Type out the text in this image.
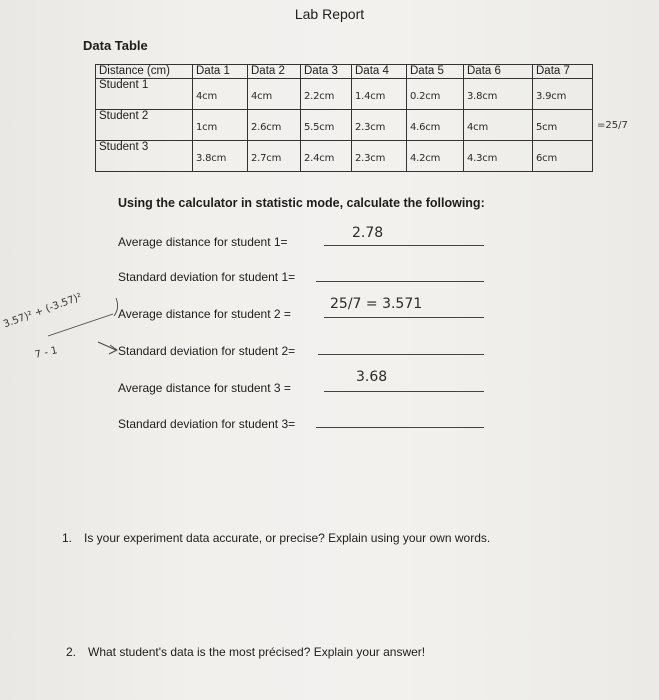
Lab Report
Data Table
Distance (cm)	Data 1	Data 2	Data 3	Data 4	Data 5	Data 6	Data 7
Student 1	4cm	4cm	2.2cm	1.4cm	0.2cm	3.8cm	3.9cm

Student 2	1cm	2.6cm	5.5cm	2.3cm	4.6cm	4cm	5cm

Student 3	3.8cm	2.7cm	2.4cm	2.3cm	4.2cm	4.3cm	6cm
=25/7
Using the calculator in statistic mode, calculate the following:
Average distance for student 1=
2.78
Standard deviation for student 1=
Average distance for student 2 =
25/7 = 3.571
Standard deviation for student 2=
Average distance for student 3 =
3.68
Standard deviation for student 3=
3.57)² + (-3.57)²
7 - 1
1. Is your experiment data accurate, or precise? Explain using your own words.
2. What student's data is the most précised? Explain your answer!
